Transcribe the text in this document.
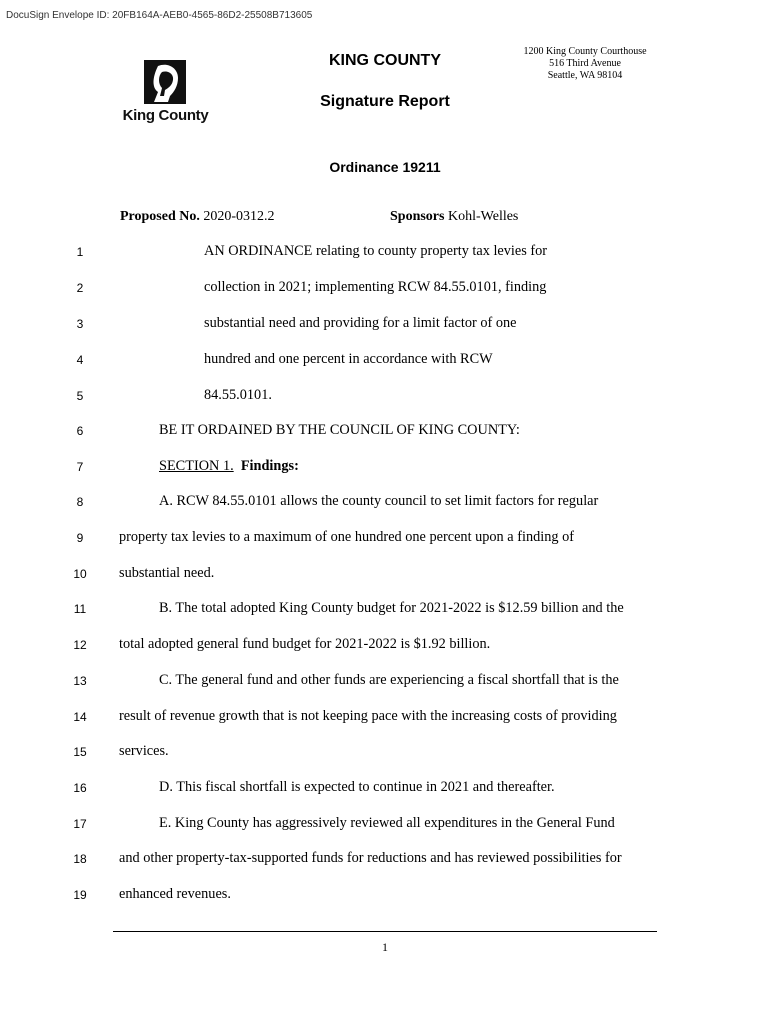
DocuSign Envelope ID: 20FB164A-AEB0-4565-86D2-25508B713605
King County
KING COUNTY
Signature Report
1200 King County Courthouse
516 Third Avenue
Seattle, WA 98104
Ordinance 19211
Proposed No. 2020-0312.2	Sponsors Kohl-Welles
1	AN ORDINANCE relating to county property tax levies for
2	collection in 2021; implementing RCW 84.55.0101, finding
3	substantial need and providing for a limit factor of one
4	hundred and one percent in accordance with RCW
5	84.55.0101.
6	BE IT ORDAINED BY THE COUNCIL OF KING COUNTY:
7	SECTION 1. Findings:
8	A. RCW 84.55.0101 allows the county council to set limit factors for regular
9	property tax levies to a maximum of one hundred one percent upon a finding of
10	substantial need.
11	B. The total adopted King County budget for 2021-2022 is $12.59 billion and the
12	total adopted general fund budget for 2021-2022 is $1.92 billion.
13	C. The general fund and other funds are experiencing a fiscal shortfall that is the
14	result of revenue growth that is not keeping pace with the increasing costs of providing
15	services.
16	D. This fiscal shortfall is expected to continue in 2021 and thereafter.
17	E. King County has aggressively reviewed all expenditures in the General Fund
18	and other property-tax-supported funds for reductions and has reviewed possibilities for
19	enhanced revenues.
1
